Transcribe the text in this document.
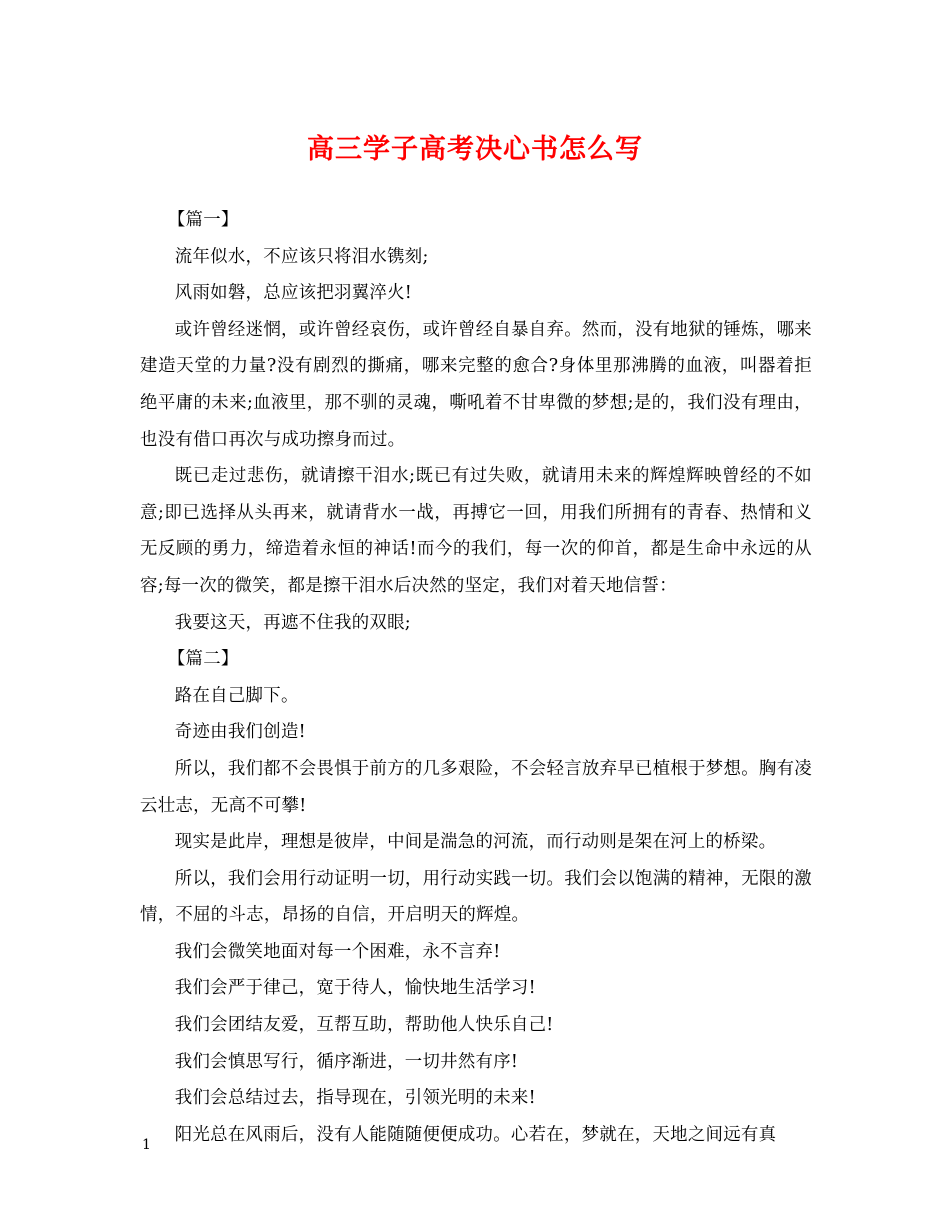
高三学子高考决心书怎么写

【篇一】

流年似水，不应该只将泪水镌刻;

风雨如磐，总应该把羽翼淬火!

或许曾经迷惘，或许曾经哀伤，或许曾经自暴自弃。然而，没有地狱的锤炼，哪来建造天堂的力量?没有剧烈的撕痛，哪来完整的愈合?身体里那沸腾的血液，叫器着拒绝平庸的未来;血液里，那不驯的灵魂，嘶吼着不甘卑微的梦想;是的，我们没有理由，也没有借口再次与成功擦身而过。

既已走过悲伤，就请擦干泪水;既已有过失败，就请用未来的辉煌辉映曾经的不如意;即已选择从头再来，就请背水一战，再搏它一回，用我们所拥有的青春、热情和义无反顾的勇力，缔造着永恒的神话!而今的我们，每一次的仰首，都是生命中永远的从容;每一次的微笑，都是擦干泪水后决然的坚定，我们对着天地信誓：

我要这天，再遮不住我的双眼;

【篇二】

路在自己脚下。

奇迹由我们创造!

所以，我们都不会畏惧于前方的几多艰险，不会轻言放弃早已植根于梦想。胸有凌云壮志，无高不可攀!

现实是此岸，理想是彼岸，中间是湍急的河流，而行动则是架在河上的桥梁。

所以，我们会用行动证明一切，用行动实践一切。我们会以饱满的精神，无限的激情，不屈的斗志，昂扬的自信，开启明天的辉煌。

我们会微笑地面对每一个困难，永不言弃!

我们会严于律己，宽于待人，愉快地生活学习!

我们会团结友爱，互帮互助，帮助他人快乐自己!

我们会慎思写行，循序渐进，一切井然有序!

我们会总结过去，指导现在，引领光明的未来!

阳光总在风雨后，没有人能随随便便成功。心若在，梦就在，天地之间远有真

1
